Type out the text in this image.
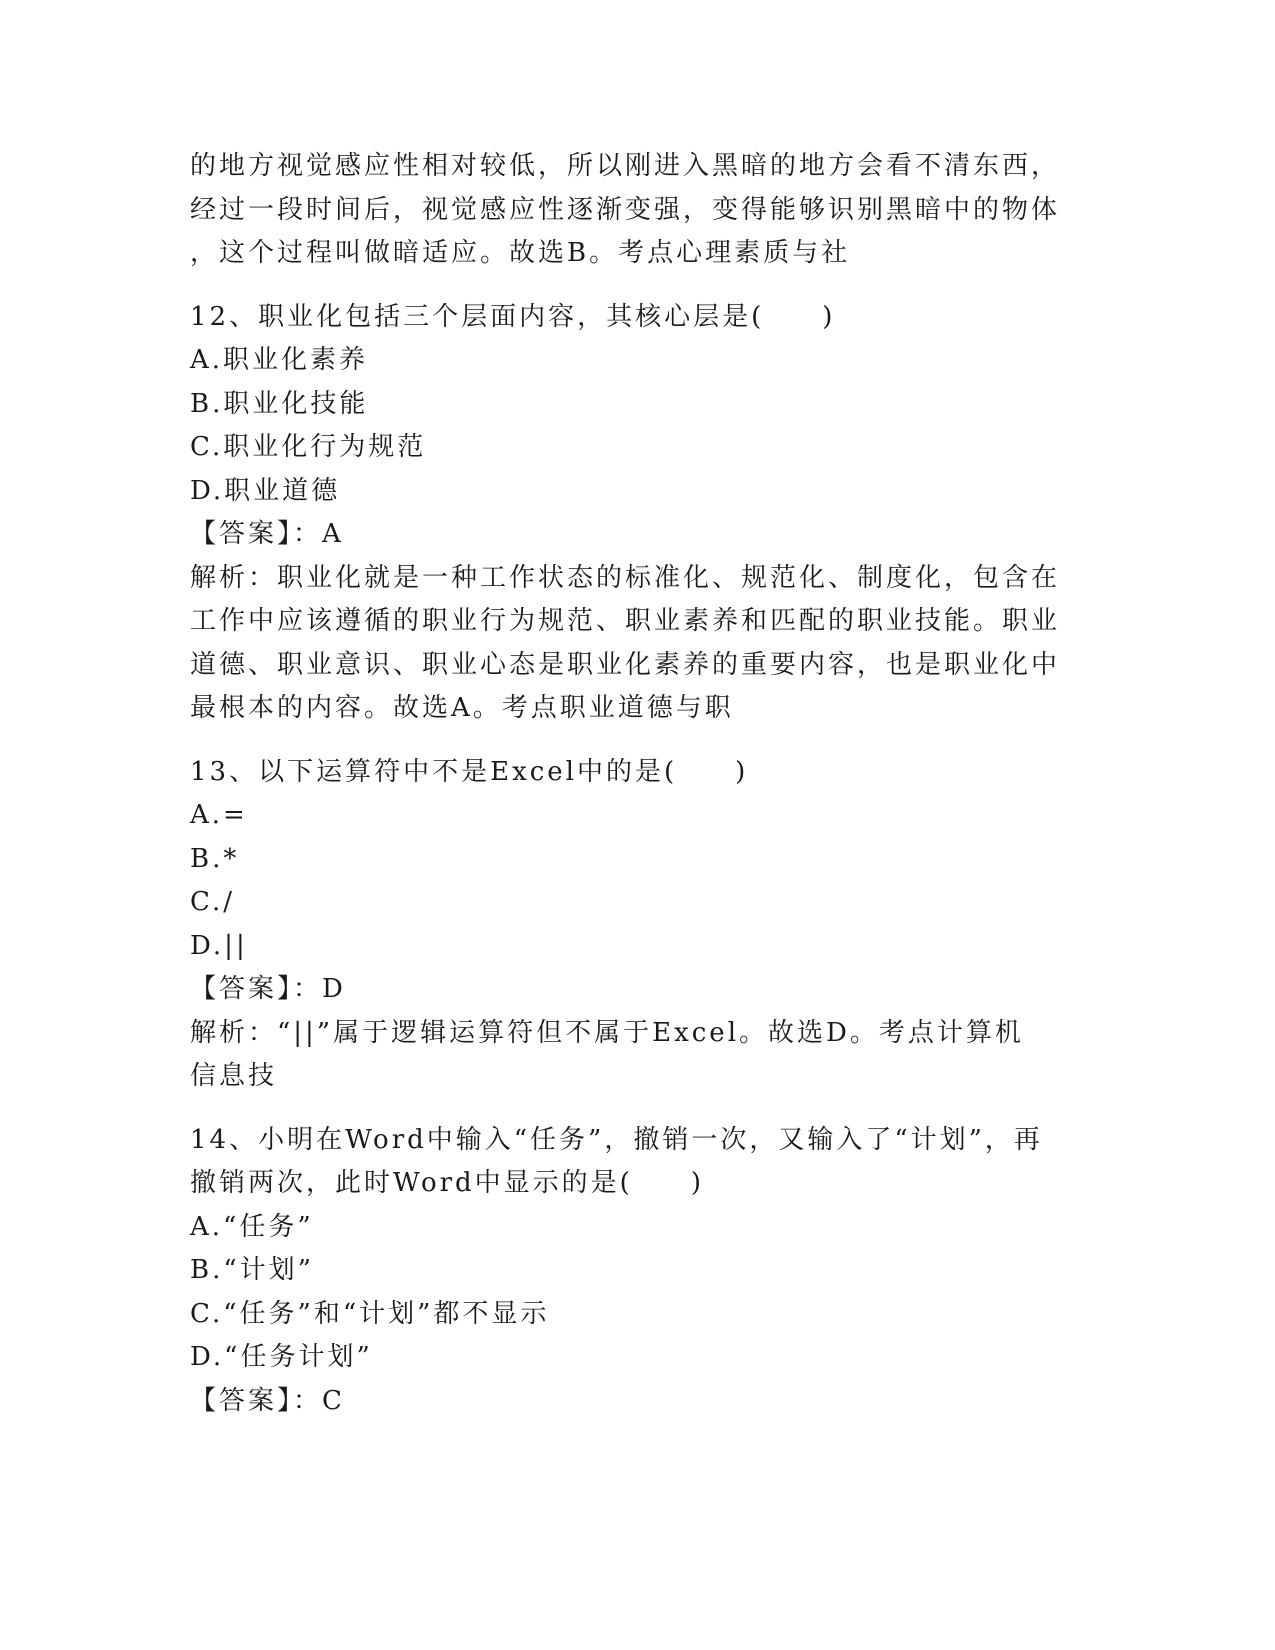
的地方视觉感应性相对较低，所以刚进入黑暗的地方会看不清东西，
经过一段时间后，视觉感应性逐渐变强，变得能够识别黑暗中的物体
，这个过程叫做暗适应。故选B。考点心理素质与社
12、职业化包括三个层面内容，其核心层是(　　)
A.职业化素养
B.职业化技能
C.职业化行为规范
D.职业道德
【答案】：A
解析：职业化就是一种工作状态的标准化、规范化、制度化，包含在
工作中应该遵循的职业行为规范、职业素养和匹配的职业技能。职业
道德、职业意识、职业心态是职业化素养的重要内容，也是职业化中
最根本的内容。故选A。考点职业道德与职
13、以下运算符中不是Excel中的是(　　)
A.=
B.*
C./
D.||
【答案】：D
解析：“||”属于逻辑运算符但不属于Excel。故选D。考点计算机
信息技
14、小明在Word中输入“任务”，撤销一次，又输入了“计划”，再
撤销两次，此时Word中显示的是(　　)
A.“任务”
B.“计划”
C.“任务”和“计划”都不显示
D.“任务计划”
【答案】：C
